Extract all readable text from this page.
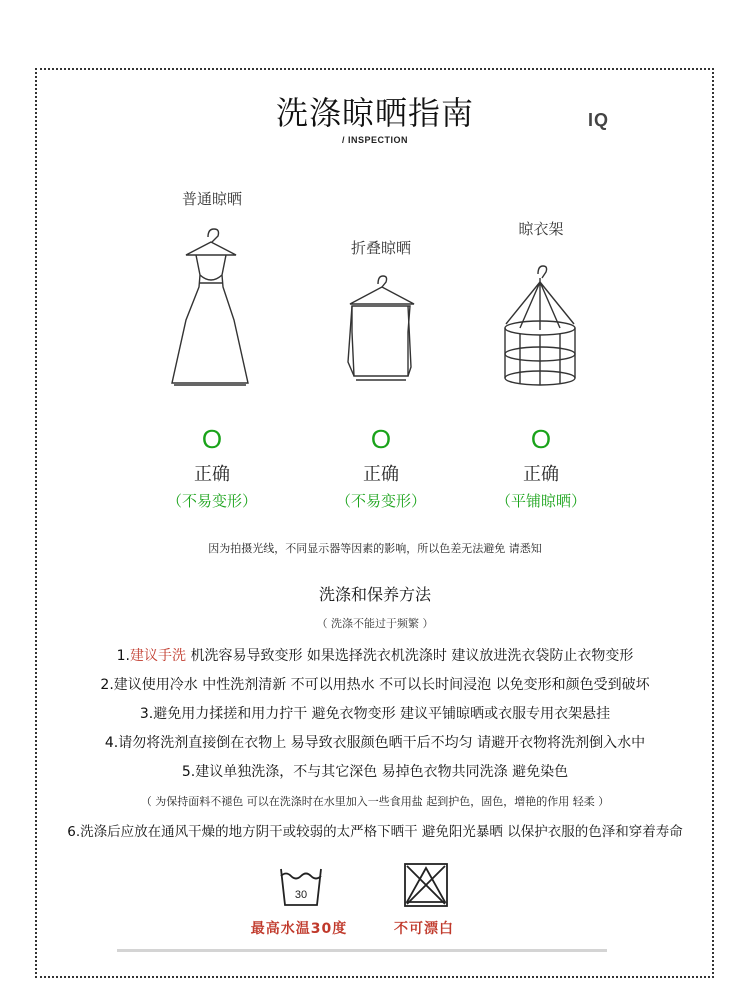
洗涤晾晒指南	IQ
/ INSPECTION
普通晾晒
O
正确
（不易变形）
折叠晾晒
O
正确
（不易变形）
晾衣架
O
正确
（平铺晾晒）
因为拍摄光线，不同显示器等因素的影响，所以色差无法避免 请悉知
洗涤和保养方法
（ 洗涤不能过于频繁 ）
1.建议手洗 机洗容易导致变形 如果选择洗衣机洗涤时 建议放进洗衣袋防止衣物变形
2.建议使用冷水 中性洗剂清新 不可以用热水 不可以长时间浸泡 以免变形和颜色受到破坏
3.避免用力揉搓和用力拧干 避免衣物变形 建议平铺晾晒或衣服专用衣架悬挂
4.请勿将洗剂直接倒在衣物上 易导致衣服颜色晒干后不均匀 请避开衣物将洗剂倒入水中
5.建议单独洗涤，不与其它深色 易掉色衣物共同洗涤 避免染色
（ 为保持面料不褪色 可以在洗涤时在水里加入一些食用盐 起到护色，固色，增艳的作用 轻柔 ）
6.洗涤后应放在通风干燥的地方阴干或较弱的太严格下晒干 避免阳光暴晒 以保护衣服的色泽和穿着寿命
30
最高水温30度	不可漂白
